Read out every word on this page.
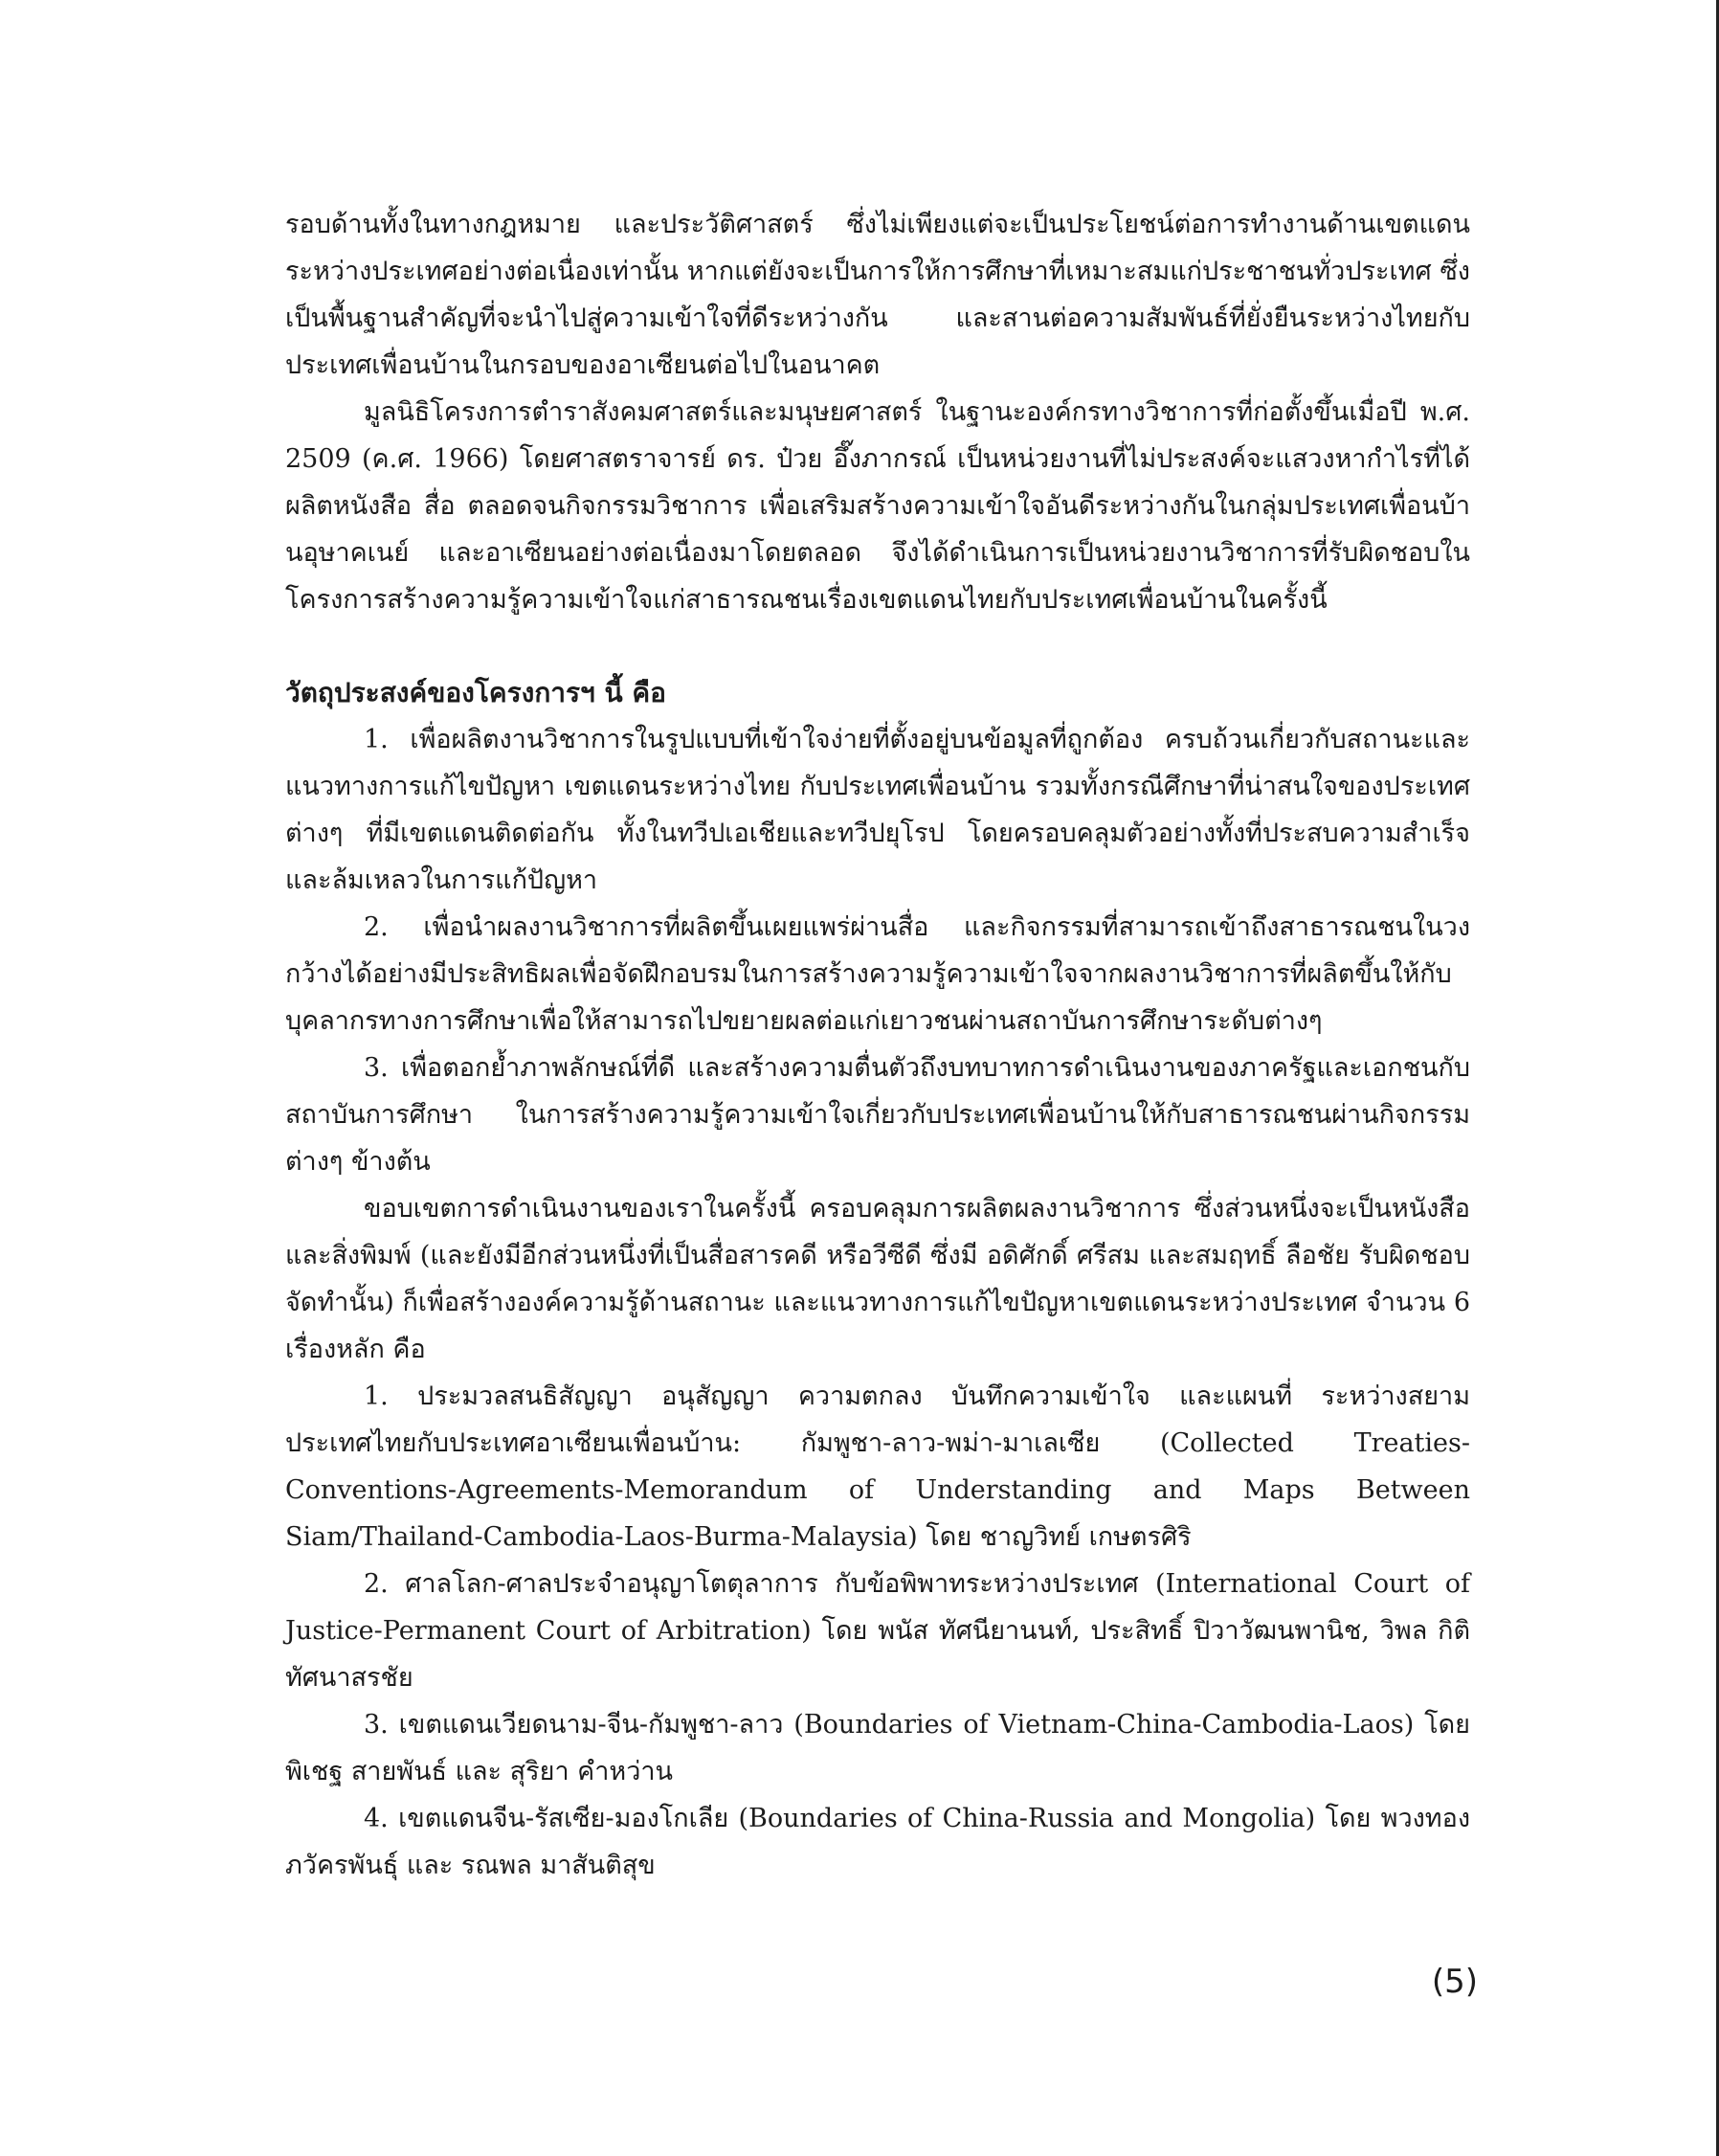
รอบด้านทั้งในทางกฎหมาย และประวัติศาสตร์ ซึ่งไม่เพียงแต่จะเป็นประโยชน์ต่อการทำงานด้านเขตแดนระหว่างประเทศอย่างต่อเนื่องเท่านั้น หากแต่ยังจะเป็นการให้การศึกษาที่เหมาะสมแก่ประชาชนทั่วประเทศ ซึ่งเป็นพื้นฐานสำคัญที่จะนำไปสู่ความเข้าใจที่ดีระหว่างกัน และสานต่อความสัมพันธ์ที่ยั่งยืนระหว่างไทยกับประเทศเพื่อนบ้านในกรอบของอาเซียนต่อไปในอนาคต

มูลนิธิโครงการตำราสังคมศาสตร์และมนุษยศาสตร์ ในฐานะองค์กรทางวิชาการที่ก่อตั้งขึ้นเมื่อปี พ.ศ. 2509 (ค.ศ. 1966) โดยศาสตราจารย์ ดร. ป๋วย อึ๊งภากรณ์ เป็นหน่วยงานที่ไม่ประสงค์จะแสวงหากำไรที่ได้ผลิตหนังสือ สื่อ ตลอดจนกิจกรรมวิชาการ เพื่อเสริมสร้างความเข้าใจอันดีระหว่างกันในกลุ่มประเทศเพื่อนบ้านอุษาคเนย์ และอาเซียนอย่างต่อเนื่องมาโดยตลอด จึงได้ดำเนินการเป็นหน่วยงานวิชาการที่รับผิดชอบในโครงการสร้างความรู้ความเข้าใจแก่สาธารณชนเรื่องเขตแดนไทยกับประเทศเพื่อนบ้านในครั้งนี้

วัตถุประสงค์ของโครงการฯ นี้ คือ

1. เพื่อผลิตงานวิชาการในรูปแบบที่เข้าใจง่ายที่ตั้งอยู่บนข้อมูลที่ถูกต้อง ครบถ้วนเกี่ยวกับสถานะและแนวทางการแก้ไขปัญหา เขตแดนระหว่างไทย กับประเทศเพื่อนบ้าน รวมทั้งกรณีศึกษาที่น่าสนใจของประเทศต่างๆ ที่มีเขตแดนติดต่อกัน ทั้งในทวีปเอเชียและทวีปยุโรป โดยครอบคลุมตัวอย่างทั้งที่ประสบความสำเร็จ และล้มเหลวในการแก้ปัญหา

2. เพื่อนำผลงานวิชาการที่ผลิตขึ้นเผยแพร่ผ่านสื่อ และกิจกรรมที่สามารถเข้าถึงสาธารณชนในวงกว้างได้อย่างมีประสิทธิผลเพื่อจัดฝึกอบรมในการสร้างความรู้ความเข้าใจจากผลงานวิชาการที่ผลิตขึ้นให้กับบุคลากรทางการศึกษาเพื่อให้สามารถไปขยายผลต่อแก่เยาวชนผ่านสถาบันการศึกษาระดับต่างๆ

3. เพื่อตอกย้ำภาพลักษณ์ที่ดี และสร้างความตื่นตัวถึงบทบาทการดำเนินงานของภาครัฐและเอกชนกับสถาบันการศึกษา ในการสร้างความรู้ความเข้าใจเกี่ยวกับประเทศเพื่อนบ้านให้กับสาธารณชนผ่านกิจกรรมต่างๆ ข้างต้น

ขอบเขตการดำเนินงานของเราในครั้งนี้ ครอบคลุมการผลิตผลงานวิชาการ ซึ่งส่วนหนึ่งจะเป็นหนังสือและสิ่งพิมพ์ (และยังมีอีกส่วนหนึ่งที่เป็นสื่อสารคดี หรือวีซีดี ซึ่งมี อดิศักดิ์ ศรีสม และสมฤทธิ์ ลือชัย รับผิดชอบจัดทำนั้น) ก็เพื่อสร้างองค์ความรู้ด้านสถานะ และแนวทางการแก้ไขปัญหาเขตแดนระหว่างประเทศ จำนวน 6 เรื่องหลัก คือ

1. ประมวลสนธิสัญญา อนุสัญญา ความตกลง บันทึกความเข้าใจ และแผนที่ ระหว่างสยามประเทศไทยกับประเทศอาเซียนเพื่อนบ้าน: กัมพูชา-ลาว-พม่า-มาเลเซีย (Collected Treaties-Conventions-Agreements-Memorandum of Understanding and Maps Between Siam/Thailand-Cambodia-Laos-Burma-Malaysia) โดย ชาญวิทย์ เกษตรศิริ

2. ศาลโลก-ศาลประจำอนุญาโตตุลาการ กับข้อพิพาทระหว่างประเทศ (International Court of Justice-Permanent Court of Arbitration) โดย พนัส ทัศนียานนท์, ประสิทธิ์ ปิวาวัฒนพานิช, วิพล กิติทัศนาสรชัย

3. เขตแดนเวียดนาม-จีน-กัมพูชา-ลาว (Boundaries of Vietnam-China-Cambodia-Laos) โดยพิเชฐ สายพันธ์ และ สุริยา คำหว่าน

4. เขตแดนจีน-รัสเซีย-มองโกเลีย (Boundaries of China-Russia and Mongolia) โดย พวงทอง ภวัครพันธุ์ และ รณพล มาสันติสุข

(5)
